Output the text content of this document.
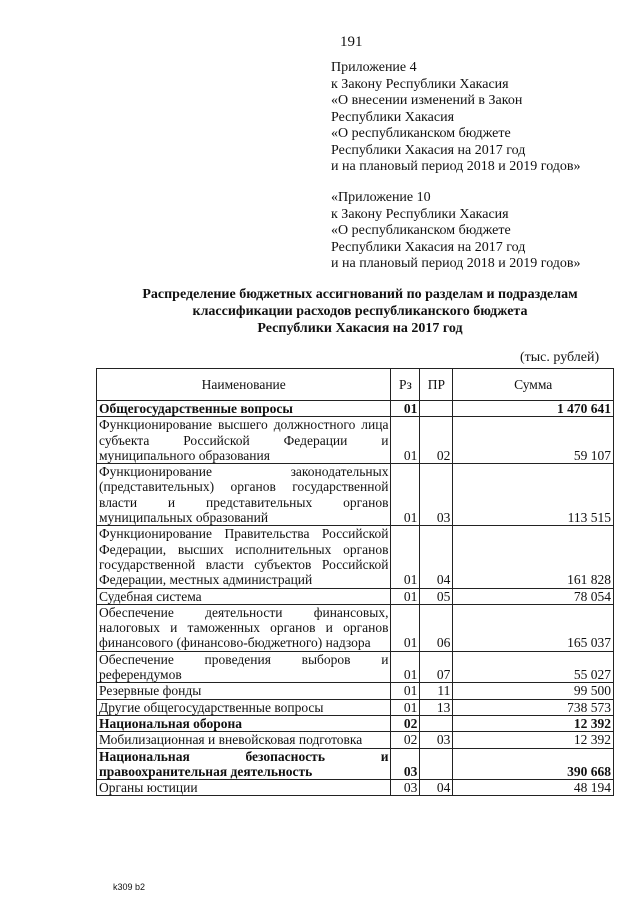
191
Приложение 4
к Закону Республики Хакасия
«О внесении изменений в Закон
Республики Хакасия
«О республиканском бюджете
Республики Хакасия на 2017 год
и на плановый период 2018 и 2019 годов»
«Приложение 10
к Закону Республики Хакасия
«О республиканском бюджете
Республики Хакасия на 2017 год
и на плановый период 2018 и 2019 годов»
Распределение бюджетных ассигнований по разделам и подразделам
классификации расходов республиканского бюджета
Республики Хакасия на 2017 год
(тыс. рублей)
Наименование	Рз	ПР	Сумма
Общегосударственные вопросы	01		1 470 641
Функционирование высшего должностного лица субъекта Российской Федерации и муниципального образования	01	02	59 107
Функционирование законодательных (представительных) органов государственной власти и представительных органов муниципальных образований	01	03	113 515
Функционирование Правительства Российской Федерации, высших исполнительных органов государственной власти субъектов Российской Федерации, местных администраций	01	04	161 828
Судебная система	01	05	78 054
Обеспечение деятельности финансовых, налоговых и таможенных органов и органов финансового (финансово-бюджетного) надзора	01	06	165 037
Обеспечение проведения выборов и референдумов	01	07	55 027
Резервные фонды	01	11	99 500
Другие общегосударственные вопросы	01	13	738 573
Национальная оборона	02		12 392
Мобилизационная и вневойсковая подготовка	02	03	12 392
Национальная безопасность и правоохранительная деятельность	03		390 668
Органы юстиции	03	04	48 194
k309 b2
